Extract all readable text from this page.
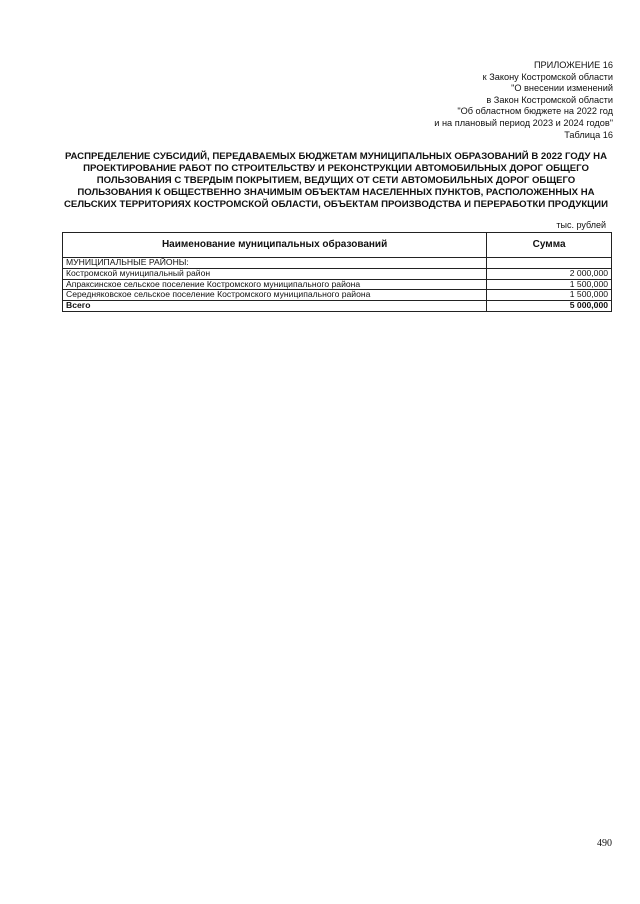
ПРИЛОЖЕНИЕ 16
к Закону Костромской области
"О внесении изменений
в Закон Костромской области
"Об областном бюджете на 2022 год
и на плановый период 2023 и 2024 годов"
Таблица 16
РАСПРЕДЕЛЕНИЕ СУБСИДИЙ, ПЕРЕДАВАЕМЫХ БЮДЖЕТАМ МУНИЦИПАЛЬНЫХ ОБРАЗОВАНИЙ В 2022 ГОДУ НА ПРОЕКТИРОВАНИЕ РАБОТ ПО СТРОИТЕЛЬСТВУ И РЕКОНСТРУКЦИИ АВТОМОБИЛЬНЫХ ДОРОГ ОБЩЕГО ПОЛЬЗОВАНИЯ С ТВЕРДЫМ ПОКРЫТИЕМ, ВЕДУЩИХ ОТ СЕТИ АВТОМОБИЛЬНЫХ ДОРОГ ОБЩЕГО ПОЛЬЗОВАНИЯ К ОБЩЕСТВЕННО ЗНАЧИМЫМ ОБЪЕКТАМ НАСЕЛЕННЫХ ПУНКТОВ, РАСПОЛОЖЕННЫХ НА СЕЛЬСКИХ ТЕРРИТОРИЯХ КОСТРОМСКОЙ ОБЛАСТИ, ОБЪЕКТАМ ПРОИЗВОДСТВА И ПЕРЕРАБОТКИ ПРОДУКЦИИ
тыс. рублей
Наименование муниципальных образований	Сумма
МУНИЦИПАЛЬНЫЕ РАЙОНЫ:	
Костромской муниципальный район	2 000,000
Апраксинское сельское поселение Костромского муниципального района	1 500,000
Середняковское сельское поселение Костромского муниципального района	1 500,000
Всего	5 000,000
490
